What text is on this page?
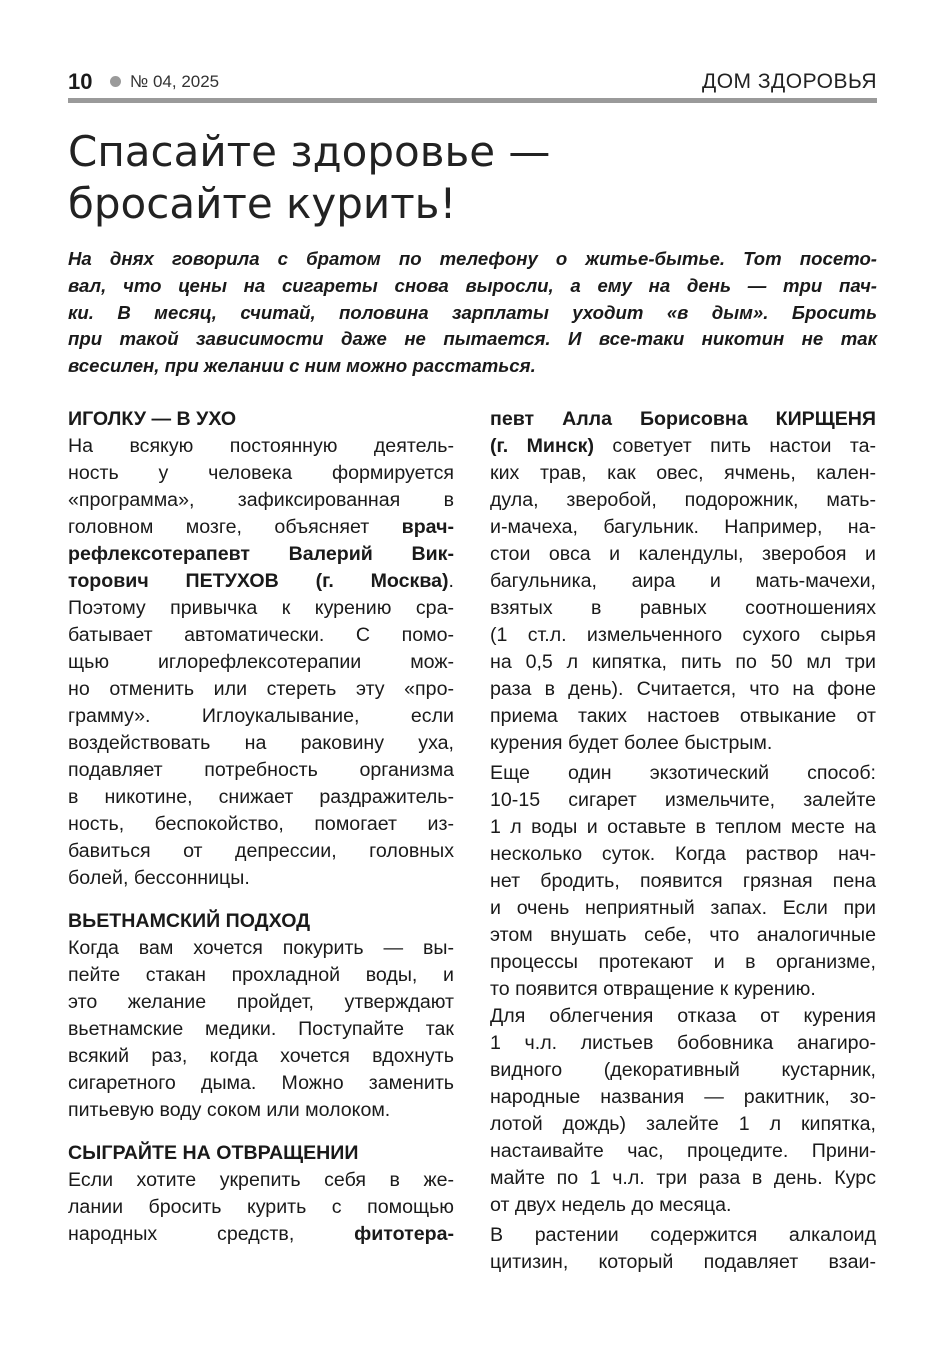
10 № 04, 2025	ДОМ ЗДОРОВЬЯ
Спасайте здоровье —
бросайте курить!
На днях говорила с братом по телефону о житье-бытье. Тот посето-
вал, что цены на сигареты снова выросли, а ему на день — три пач-
ки. В месяц, считай, половина зарплаты уходит «в дым». Бросить
при такой зависимости даже не пытается. И все-таки никотин не так
всесилен, при желании с ним можно расстаться.
ИГОЛКУ — В УХО
На всякую постоянную деятель-
ность у человека формируется
«программа», зафиксированная в
головном мозге, объясняет врач-
рефлексотерапевт Валерий Вик-
торович ПЕТУХОВ (г. Москва).
Поэтому привычка к курению сра-
батывает автоматически. С помо-
щью иглорефлексотерапии мож-
но отменить или стереть эту «про-
грамму». Иглоукалывание, если
воздействовать на раковину уха,
подавляет потребность организма
в никотине, снижает раздражитель-
ность, беспокойство, помогает из-
бавиться от депрессии, головных
болей, бессонницы.
ВЬЕТНАМСКИЙ ПОДХОД
Когда вам хочется покурить — вы-
пейте стакан прохладной воды, и
это желание пройдет, утверждают
вьетнамские медики. Поступайте так
всякий раз, когда хочется вдохнуть
сигаретного дыма. Можно заменить
питьевую воду соком или молоком.
СЫГРАЙТЕ НА ОТВРАЩЕНИИ
Если хотите укрепить себя в же-
лании бросить курить с помощью
народных средств, фитотера-
певт Алла Борисовна КИРЩЕНЯ
(г. Минск) советует пить настои та-
ких трав, как овес, ячмень, кален-
дула, зверобой, подорожник, мать-
и-мачеха, багульник. Например, на-
стои овса и календулы, зверобоя и
багульника, аира и мать-мачехи,
взятых в равных соотношениях
(1 ст.л. измельченного сухого сырья
на 0,5 л кипятка, пить по 50 мл три
раза в день). Считается, что на фоне
приема таких настоев отвыкание от
курения будет более быстрым.
Еще один экзотический способ:
10-15 сигарет измельчите, залейте
1 л воды и оставьте в теплом месте на
несколько суток. Когда раствор нач-
нет бродить, появится грязная пена
и очень неприятный запах. Если при
этом внушать себе, что аналогичные
процессы протекают и в организме,
то появится отвращение к курению.
Для облегчения отказа от курения
1 ч.л. листьев бобовника анагиро-
видного (декоративный кустарник,
народные названия — ракитник, зо-
лотой дождь) залейте 1 л кипятка,
настаивайте час, процедите. Прини-
майте по 1 ч.л. три раза в день. Курс
от двух недель до месяца.
В растении содержится алкалоид
цитизин, который подавляет взаи-
